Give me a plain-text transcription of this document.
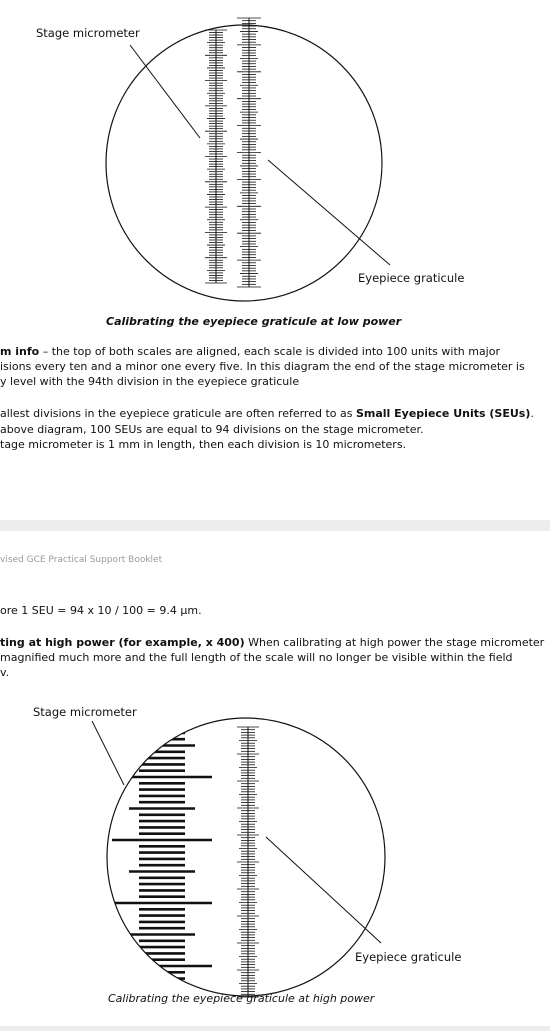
Stage micrometer
Eyepiece graticule
Calibrating the eyepiece graticule at low power
m info – the top of both scales are aligned, each scale is divided into 100 units with major
isions every ten and a minor one every five. In this diagram the end of the stage micrometer is
y level with the 94th division in the eyepiece graticule
allest divisions in the eyepiece graticule are often referred to as Small Eyepiece Units (SEUs).
above diagram, 100 SEUs are equal to 94 divisions on the stage micrometer.
tage micrometer is 1 mm in length, then each division is 10 micrometers.
vised GCE Practical Support Booklet
ore 1 SEU = 94 x 10 / 100 = 9.4 µm.
ting at high power (for example, x 400) When calibrating at high power the stage micrometer
magnified much more and the full length of the scale will no longer be visible within the field
v.
Stage micrometer
Eyepiece graticule
Calibrating the eyepiece graticule at high power
